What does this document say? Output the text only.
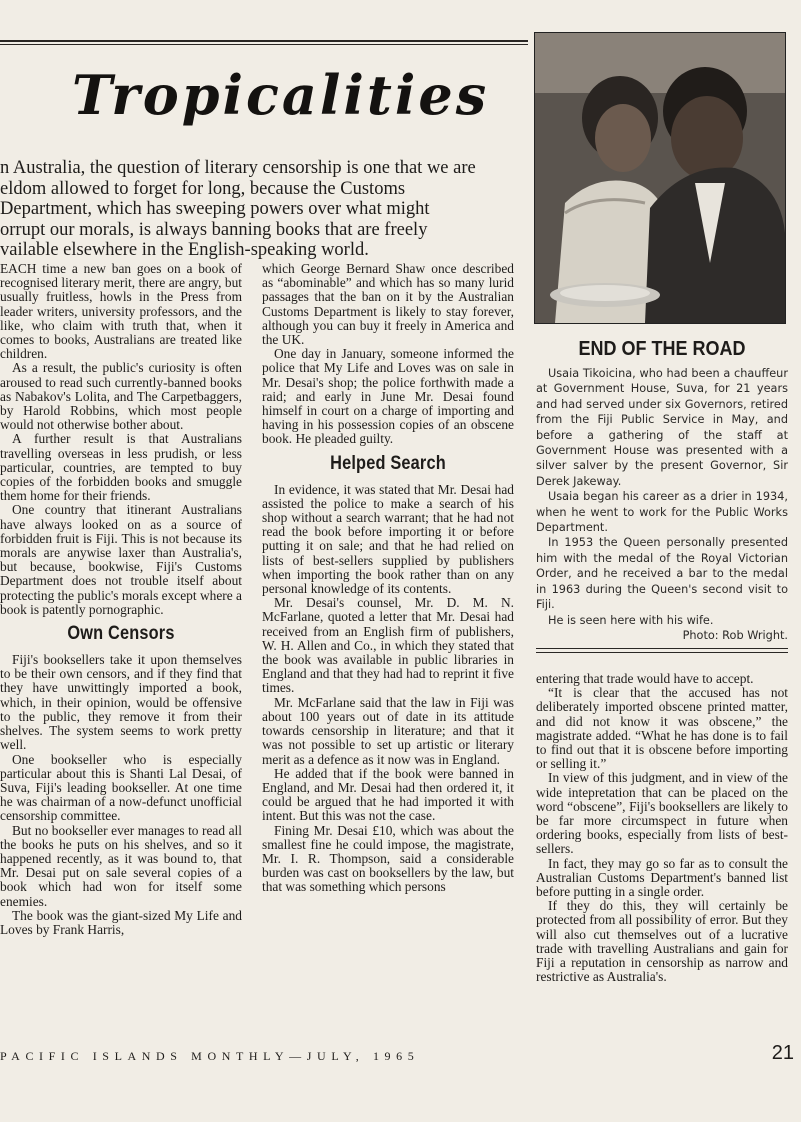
Tropicalities
n Australia, the question of literary censorship is one that we are
eldom allowed to forget for long, because the Customs
Department, which has sweeping powers over what might
orrupt our morals, is always banning books that are freely
vailable elsewhere in the English-speaking world.

EACH time a new ban goes on a book of recognised literary merit, there are angry, but usually fruitless, howls in the Press from leader writers, university professors, and the like, who claim with truth that, when it comes to books, Australians are treated like children.

As a result, the public's curiosity is often aroused to read such currently-banned books as Nabakov's Lolita, and The Carpetbaggers, by Harold Robbins, which most people would not otherwise bother about.

A further result is that Australians travelling overseas in less prudish, or less particular, countries, are tempted to buy copies of the forbidden books and smuggle them home for their friends.

One country that itinerant Australians have always looked on as a source of forbidden fruit is Fiji. This is not because its morals are anywise laxer than Australia's, but because, bookwise, Fiji's Customs Department does not trouble itself about protecting the public's morals except where a book is patently pornographic.

Own Censors

Fiji's booksellers take it upon themselves to be their own censors, and if they find that they have unwittingly imported a book, which, in their opinion, would be offensive to the public, they remove it from their shelves. The system seems to work pretty well.

One bookseller who is especially particular about this is Shanti Lal Desai, of Suva, Fiji's leading bookseller. At one time he was chairman of a now-defunct unofficial censorship committee.

But no bookseller ever manages to read all the books he puts on his shelves, and so it happened recently, as it was bound to, that Mr. Desai put on sale several copies of a book which had won for itself some enemies.

The book was the giant-sized My Life and Loves by Frank Harris,

which George Bernard Shaw once described as “abominable” and which has so many lurid passages that the ban on it by the Australian Customs Department is likely to stay forever, although you can buy it freely in America and the UK.

One day in January, someone informed the police that My Life and Loves was on sale in Mr. Desai's shop; the police forthwith made a raid; and early in June Mr. Desai found himself in court on a charge of importing and having in his possession copies of an obscene book. He pleaded guilty.

Helped Search

In evidence, it was stated that Mr. Desai had assisted the police to make a search of his shop without a search warrant; that he had not read the book before importing it or before putting it on sale; and that he had relied on lists of best-sellers supplied by publishers when importing the book rather than on any personal knowledge of its contents.

Mr. Desai's counsel, Mr. D. M. N. McFarlane, quoted a letter that Mr. Desai had received from an English firm of publishers, W. H. Allen and Co., in which they stated that the book was available in public libraries in England and that they had had to reprint it five times.

Mr. McFarlane said that the law in Fiji was about 100 years out of date in its attitude towards censorship in literature; and that it was not possible to set up artistic or literary merit as a defence as it now was in England.

He added that if the book were banned in England, and Mr. Desai had then ordered it, it could be argued that he had imported it with intent. But this was not the case.

Fining Mr. Desai £10, which was about the smallest fine he could impose, the magistrate, Mr. I. R. Thompson, said a considerable burden was cast on booksellers by the law, but that was something which persons

entering that trade would have to accept.

“It is clear that the accused has not deliberately imported obscene printed matter, and did not know it was obscene,” the magistrate added. “What he has done is to fail to find out that it is obscene before importing or selling it.”

In view of this judgment, and in view of the wide intepretation that can be placed on the word “obscene”, Fiji's booksellers are likely to be far more circumspect in future when ordering books, especially from lists of best-sellers.

In fact, they may go so far as to consult the Australian Customs Department's banned list before putting in a single order.

If they do this, they will certainly be protected from all possibility of error. But they will also cut themselves out of a lucrative trade with travelling Australians and gain for Fiji a reputation in censorship as narrow and restrictive as Australia's.

END OF THE ROAD

Usaia Tikoicina, who had been a chauffeur at Government House, Suva, for 21 years and had served under six Governors, retired from the Fiji Public Service in May, and before a gathering of the staff at Government House was presented with a silver salver by the present Governor, Sir Derek Jakeway.

Usaia began his career as a drier in 1934, when he went to work for the Public Works Department.

In 1953 the Queen personally presented him with the medal of the Royal Victorian Order, and he received a bar to the medal in 1963 during the Queen's second visit to Fiji.

He is seen here with his wife.

Photo: Rob Wright.

PACIFIC ISLANDS MONTHLY—JULY, 1965	21
